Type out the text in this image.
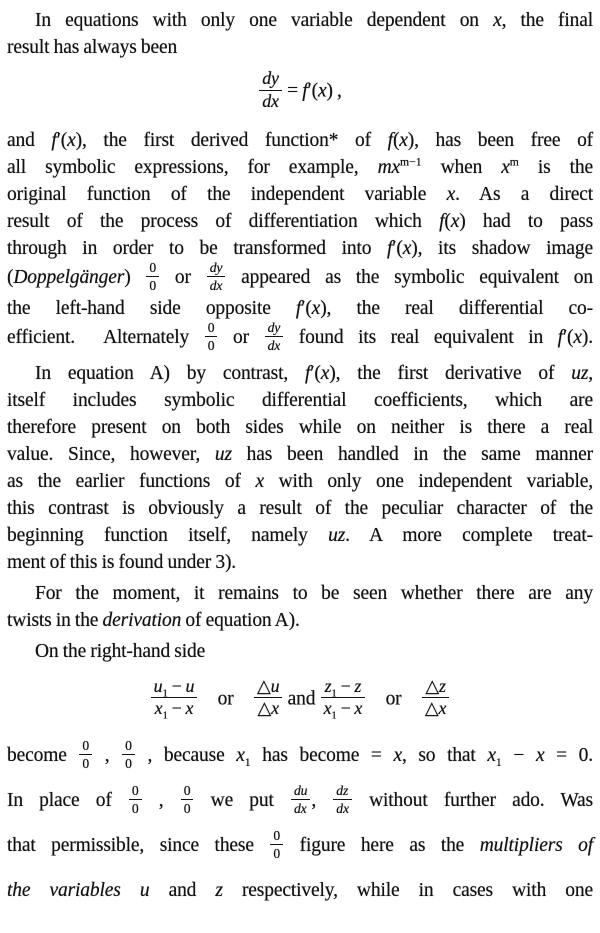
In equations with only one variable dependent on x, the final
result has always been
$\frac{dy}{dx} = f'(x)$ ,
and f′(x), the first derived function* of f(x), has been free of
all symbolic expressions, for example, $mx^{m-1}$ when $x^m$ is the
original function of the independent variable x. As a direct
result of the process of differentiation which f(x) had to pass
through in order to be transformed into f′(x), its shadow image
(Doppelgänger) $\frac{0}{0}$ or $\frac{dy}{dx}$ appeared as the symbolic equivalent on
the left-hand side opposite f′(x), the real differential co-
efficient.  Alternately $\frac{0}{0}$ or $\frac{dy}{dx}$ found its real equivalent in f′(x).
In equation A) by contrast, f′(x), the first derivative of uz,
itself includes symbolic differential coefficients, which are
therefore present on both sides while on neither is there a real
value. Since, however, uz has been handled in the same manner
as the earlier functions of x with only one independent variable,
this contrast is obviously a result of the peculiar character of the
beginning function itself, namely uz. A more complete treat-
ment of this is found under 3).
For the moment, it remains to be seen whether there are any
twists in the derivation of equation A).
On the right-hand side
$\frac{u_1 - u}{x_1 - x}$  or  $\frac{\triangle u}{\triangle x}$ and $\frac{z_1 - z}{x_1 - x}$  or  $\frac{\triangle z}{\triangle x}$
become $\frac{0}{0}$ , $\frac{0}{0}$ , because $x_1$ has become = x, so that $x_1 - x = 0$.
In place of $\frac{0}{0}$ , $\frac{0}{0}$ we put $\frac{du}{dx}$ , $\frac{dz}{dx}$ without further ado. Was
that permissible, since these $\frac{0}{0}$ figure here as the multipliers of
the variables u and z respectively, while in cases with one
